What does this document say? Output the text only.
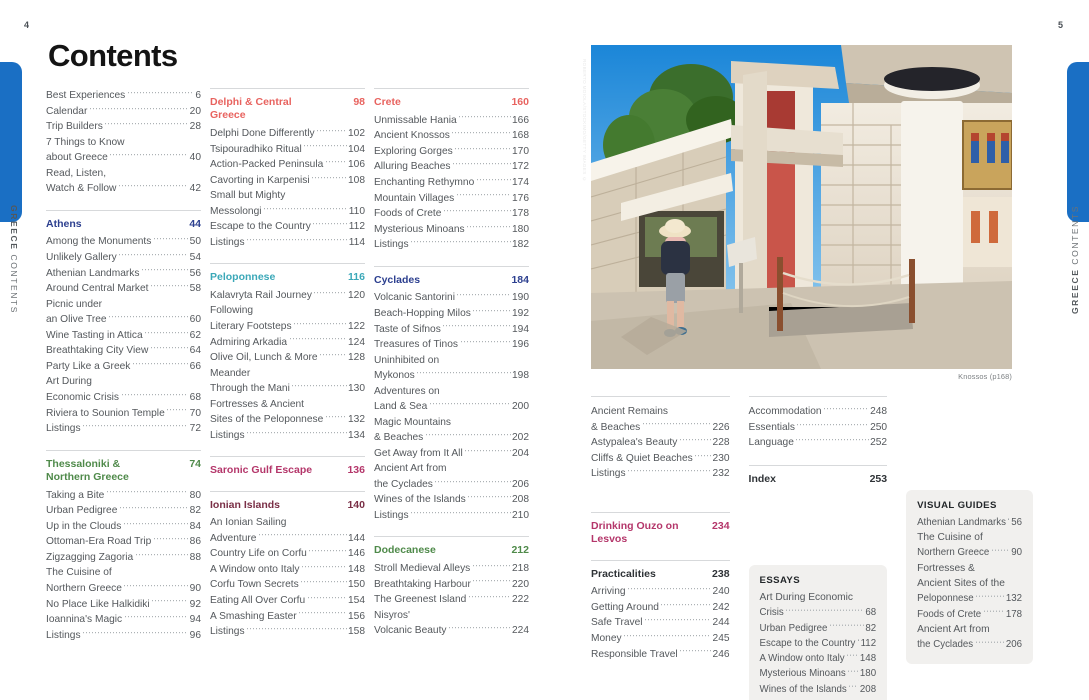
4
GREECE CONTENTS
Contents
Best Experiences	6
Calendar	20
Trip Builders	28
7 Things to Know
about Greece	40
Read, Listen,
Watch & Follow	42
Athens	44
Among the Monuments	50
Unlikely Gallery	54
Athenian Landmarks	56
Around Central Market	58
Picnic under
an Olive Tree	60
Wine Tasting in Attica	62
Breathtaking City View	64
Party Like a Greek	66
Art During
Economic Crisis	68
Riviera to Sounion Temple 70
Listings	72
Thessaloniki & Northern Greece
74
Taking a Bite	80
Urban Pedigree	82
Up in the Clouds	84
Ottoman-Era Road Trip	86
Zigzagging Zagoria	88
The Cuisine of
Northern Greece	90
No Place Like Halkidiki	92
Ioannina's Magic	94
Listings	96
Delphi & Central Greece
98
Delphi Done Differently	102
Tsipouradhiko Ritual	104
Action-Packed Peninsula 106
Cavorting in Karpenisi	108
Small but Mighty
Messolongi	110
Escape to the Country	112
Listings	114
Peloponnese	116
Kalavryta Rail Journey	120
Following
Literary Footsteps	122
Admiring Arkadia	124
Olive Oil, Lunch & More	128
Meander
Through the Mani	130
Fortresses & Ancient
Sites of the Peloponnese 132
Listings	134
Saronic Gulf Escape	136
Ionian Islands	140
An Ionian Sailing
Adventure	144
Country Life on Corfu	146
A Window onto Italy	148
Corfu Town Secrets	150
Eating All Over Corfu	154
A Smashing Easter	156
Listings	158
Crete	160
Unmissable Hania	166
Ancient Knossos	168
Exploring Gorges	170
Alluring Beaches	172
Enchanting Rethymno	174
Mountain Villages	176
Foods of Crete	178
Mysterious Minoans	180
Listings	182
Cyclades	184
Volcanic Santorini	190
Beach-Hopping Milos	192
Taste of Sifnos	194
Treasures of Tinos	196
Uninhibited on
Mykonos	198
Adventures on
Land & Sea	200
Magic Mountains
& Beaches	202
Get Away from It All	204
Ancient Art from
the Cyclades	206
Wines of the Islands	208
Listings	210
Dodecanese	212
Stroll Medieval Alleys	218
Breathtaking Harbour	220
The Greenest Island	222
Nisyros'
Volcanic Beauty	224
5
GREECE CONTENTS
ROBERTO MOIOLA/STOCKIMO/GETTY IMAGES ©
Knossos (p168)
Ancient Remains
& Beaches	226
Astypalea's Beauty	228
Cliffs & Quiet Beaches 230
Listings	232
Drinking Ouzo on Lesvos
234
Practicalities	238
Arriving	240
Getting Around	242
Safe Travel	244
Money	245
Responsible Travel	246
Accommodation	248
Essentials	250
Language	252
Index	253
ESSAYS
Art During Economic
Crisis	68
Urban Pedigree	82
Escape to the Country 112
A Window onto Italy 148
Mysterious Minoans 180
Wines of the Islands 208
VISUAL GUIDES
Athenian Landmarks 56
The Cuisine of
Northern Greece 90
Fortresses &
Ancient Sites of the
Peloponnese	132
Foods of Crete	178
Ancient Art from
the Cyclades	206
